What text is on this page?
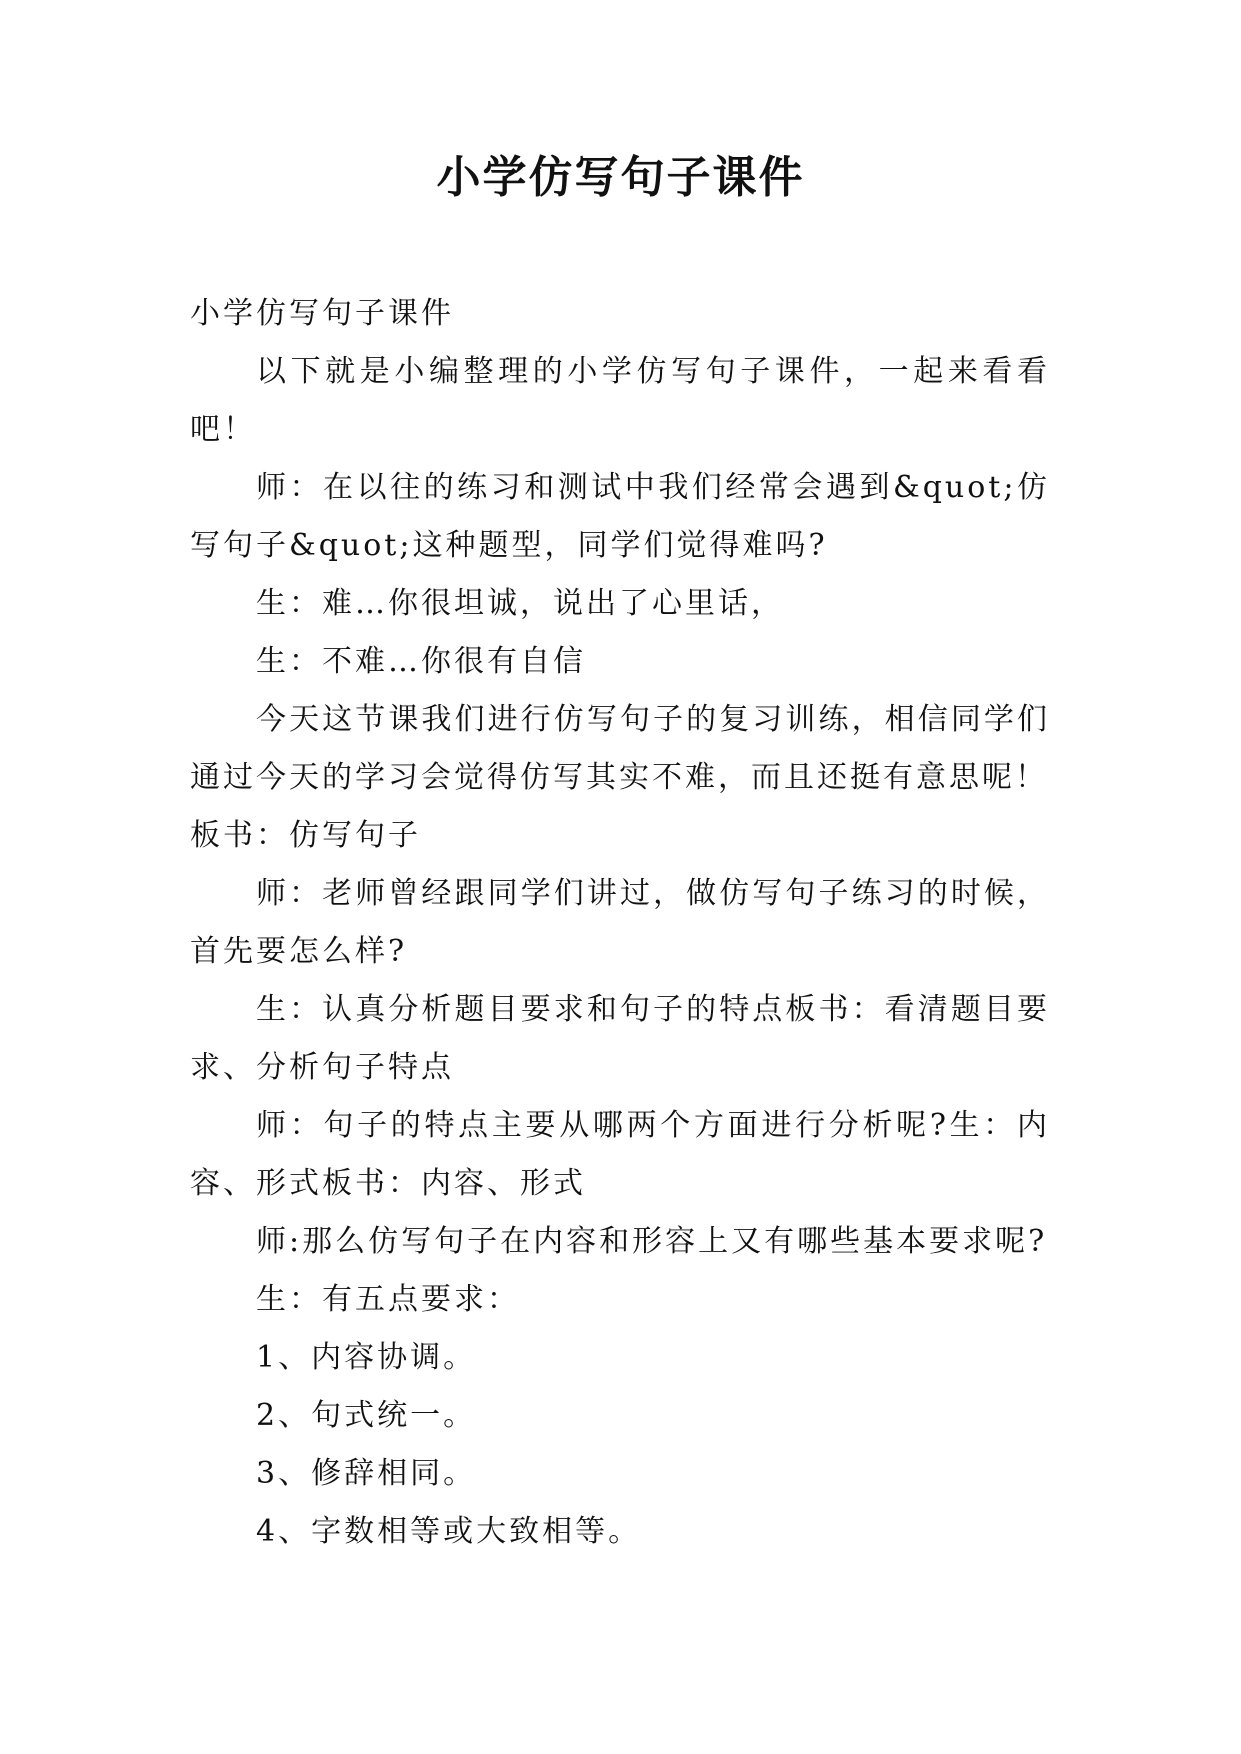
小学仿写句子课件

小学仿写句子课件

以下就是小编整理的小学仿写句子课件，一起来看看吧！

师：在以往的练习和测试中我们经常会遇到&quot;仿写句子&quot;这种题型，同学们觉得难吗?

生：难…你很坦诚，说出了心里话，

生：不难…你很有自信

今天这节课我们进行仿写句子的复习训练，相信同学们通过今天的学习会觉得仿写其实不难，而且还挺有意思呢！

板书：仿写句子

师：老师曾经跟同学们讲过，做仿写句子练习的时候，首先要怎么样?

生：认真分析题目要求和句子的特点板书：看清题目要求、分析句子特点

师：句子的特点主要从哪两个方面进行分析呢?生：内容、形式板书：内容、形式

师:那么仿写句子在内容和形容上又有哪些基本要求呢?

生：有五点要求：

1、内容协调。

2、句式统一。

3、修辞相同。

4、字数相等或大致相等。
